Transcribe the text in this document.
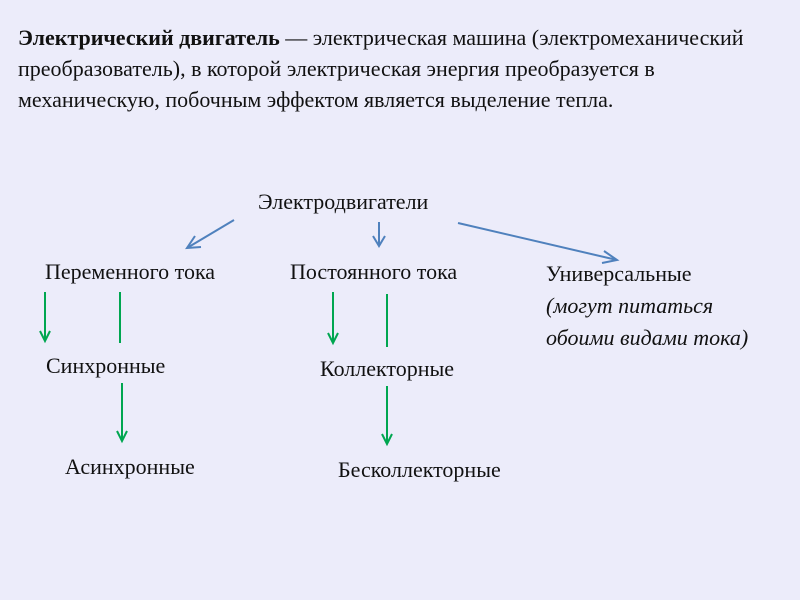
Электрический двигатель — электрическая машина (электромеханический преобразователь), в которой электрическая энергия преобразуется в механическую, побочным эффектом является выделение тепла.

Электродвигатели
Переменного тока	Постоянного тока	Универсальные
(могут питаться обоими видами тока)
Синхронные
Асинхронные
Коллекторные
Бесколлекторные
